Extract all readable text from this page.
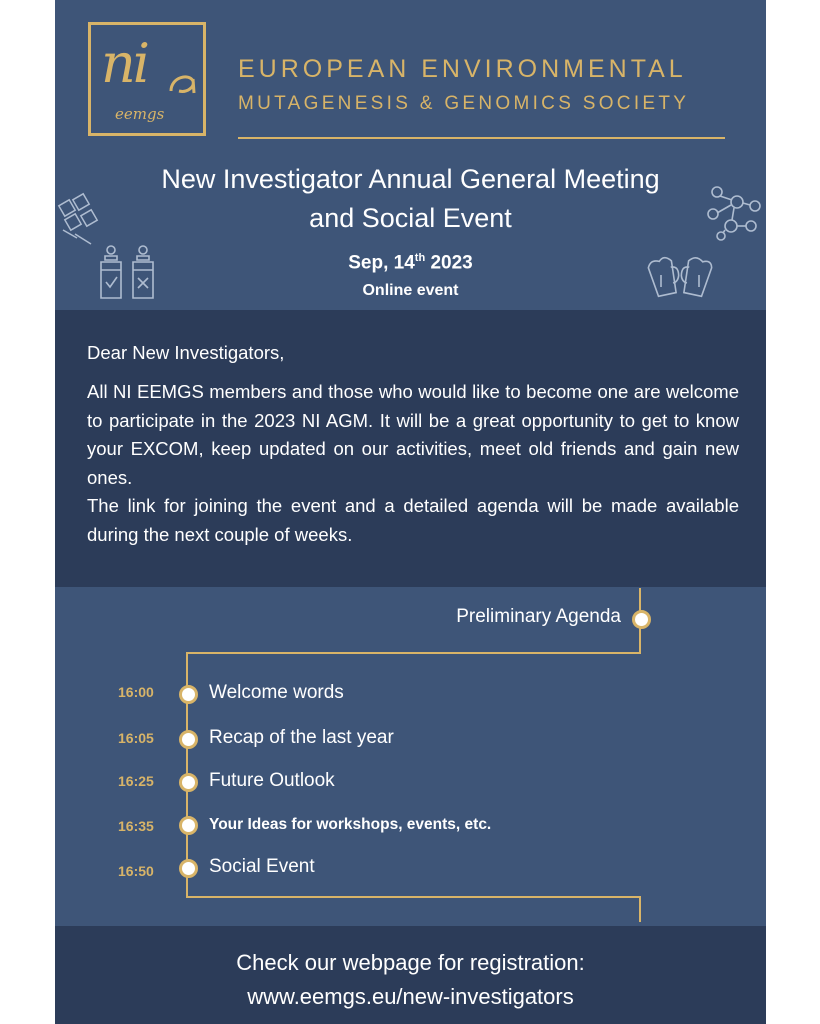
ni
eemgs
EUROPEAN ENVIRONMENTAL
MUTAGENESIS & GENOMICS SOCIETY
New Investigator Annual General Meeting
and Social Event
Sep, 14th 2023
Online event
Dear New Investigators,

All NI EEMGS members and those who would like to become one are welcome to participate in the 2023 NI AGM. It will be a great opportunity to get to know your EXCOM, keep updated on our activities, meet old friends and gain new ones.

The link for joining the event and a detailed agenda will be made available during the next couple of weeks.

Preliminary Agenda
16:00	Welcome words
16:05	Recap of the last year
16:25	Future Outlook
16:35	Your Ideas for workshops, events, etc.
16:50	Social Event
Check our webpage for registration:
www.eemgs.eu/new-investigators
